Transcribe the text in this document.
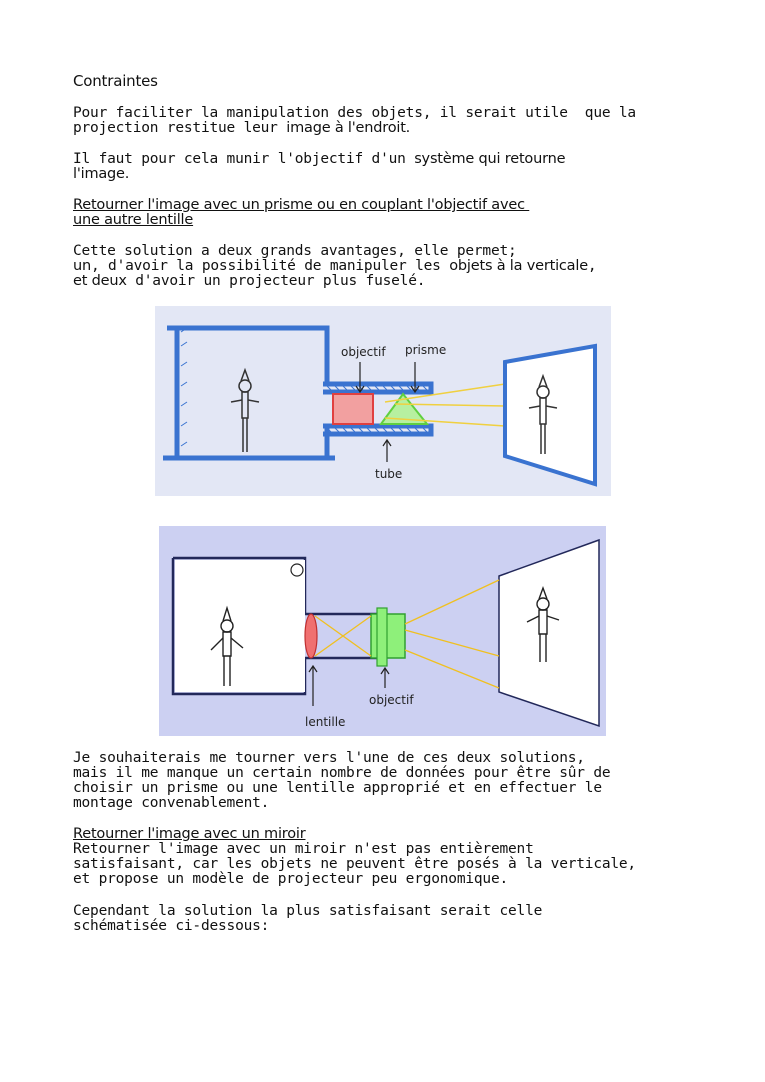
Contraintes
Pour faciliter la manipulation des objets, il serait utile  que la
projection restitue leur image à l'endroit.
Il faut pour cela munir l'objectif d'un système qui retourne
l'image.
Retourner l'image avec un prisme ou en couplant l'objectif avec
une autre lentille
Cette solution a deux grands avantages, elle permet;
un, d'avoir la possibilité de manipuler les objets à la verticale,
et deux d'avoir un projecteur plus fuselé.
objectif prisme
tube
lentille
objectif
Je souhaiterais me tourner vers l'une de ces deux solutions,
mais il me manque un certain nombre de données pour être sûr de
choisir un prisme ou une lentille approprié et en effectuer le
montage convenablement.
Retourner l'image avec un miroir
Retourner l'image avec un miroir n'est pas entièrement
satisfaisant, car les objets ne peuvent être posés à la verticale,
et propose un modèle de projecteur peu ergonomique.
Cependant la solution la plus satisfaisant serait celle
schématisée ci-dessous:
